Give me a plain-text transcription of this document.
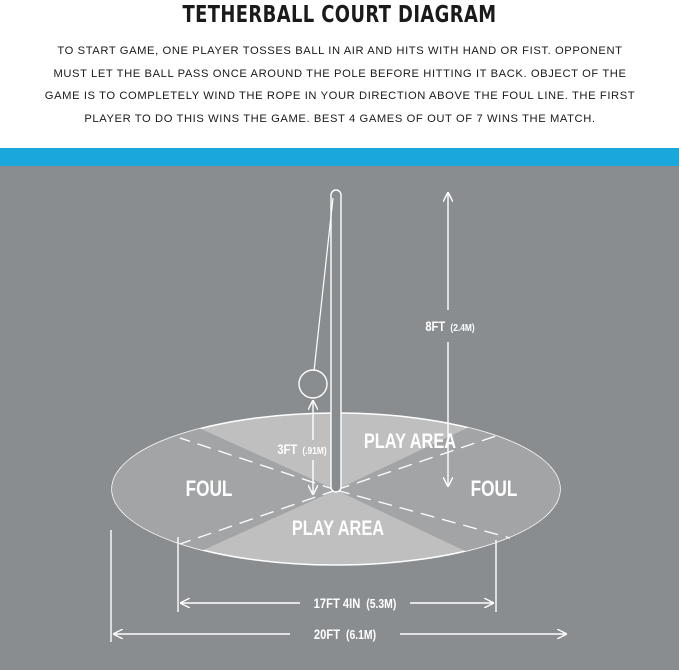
TETHERBALL COURT DIAGRAM

TO START GAME, ONE PLAYER TOSSES BALL IN AIR AND HITS WITH HAND OR FIST. OPPONENT MUST LET THE BALL PASS ONCE AROUND THE POLE BEFORE HITTING IT BACK. OBJECT OF THE GAME IS TO COMPLETELY WIND THE ROPE IN YOUR DIRECTION ABOVE THE FOUL LINE. THE FIRST PLAYER TO DO THIS WINS THE GAME. BEST 4 GAMES OF OUT OF 7 WINS THE MATCH.

PLAY AREA
PLAY AREA
FOUL	FOUL
8FT (2.4M)
3FT (.91M)
17FT 4IN (5.3M)
20FT (6.1M)
